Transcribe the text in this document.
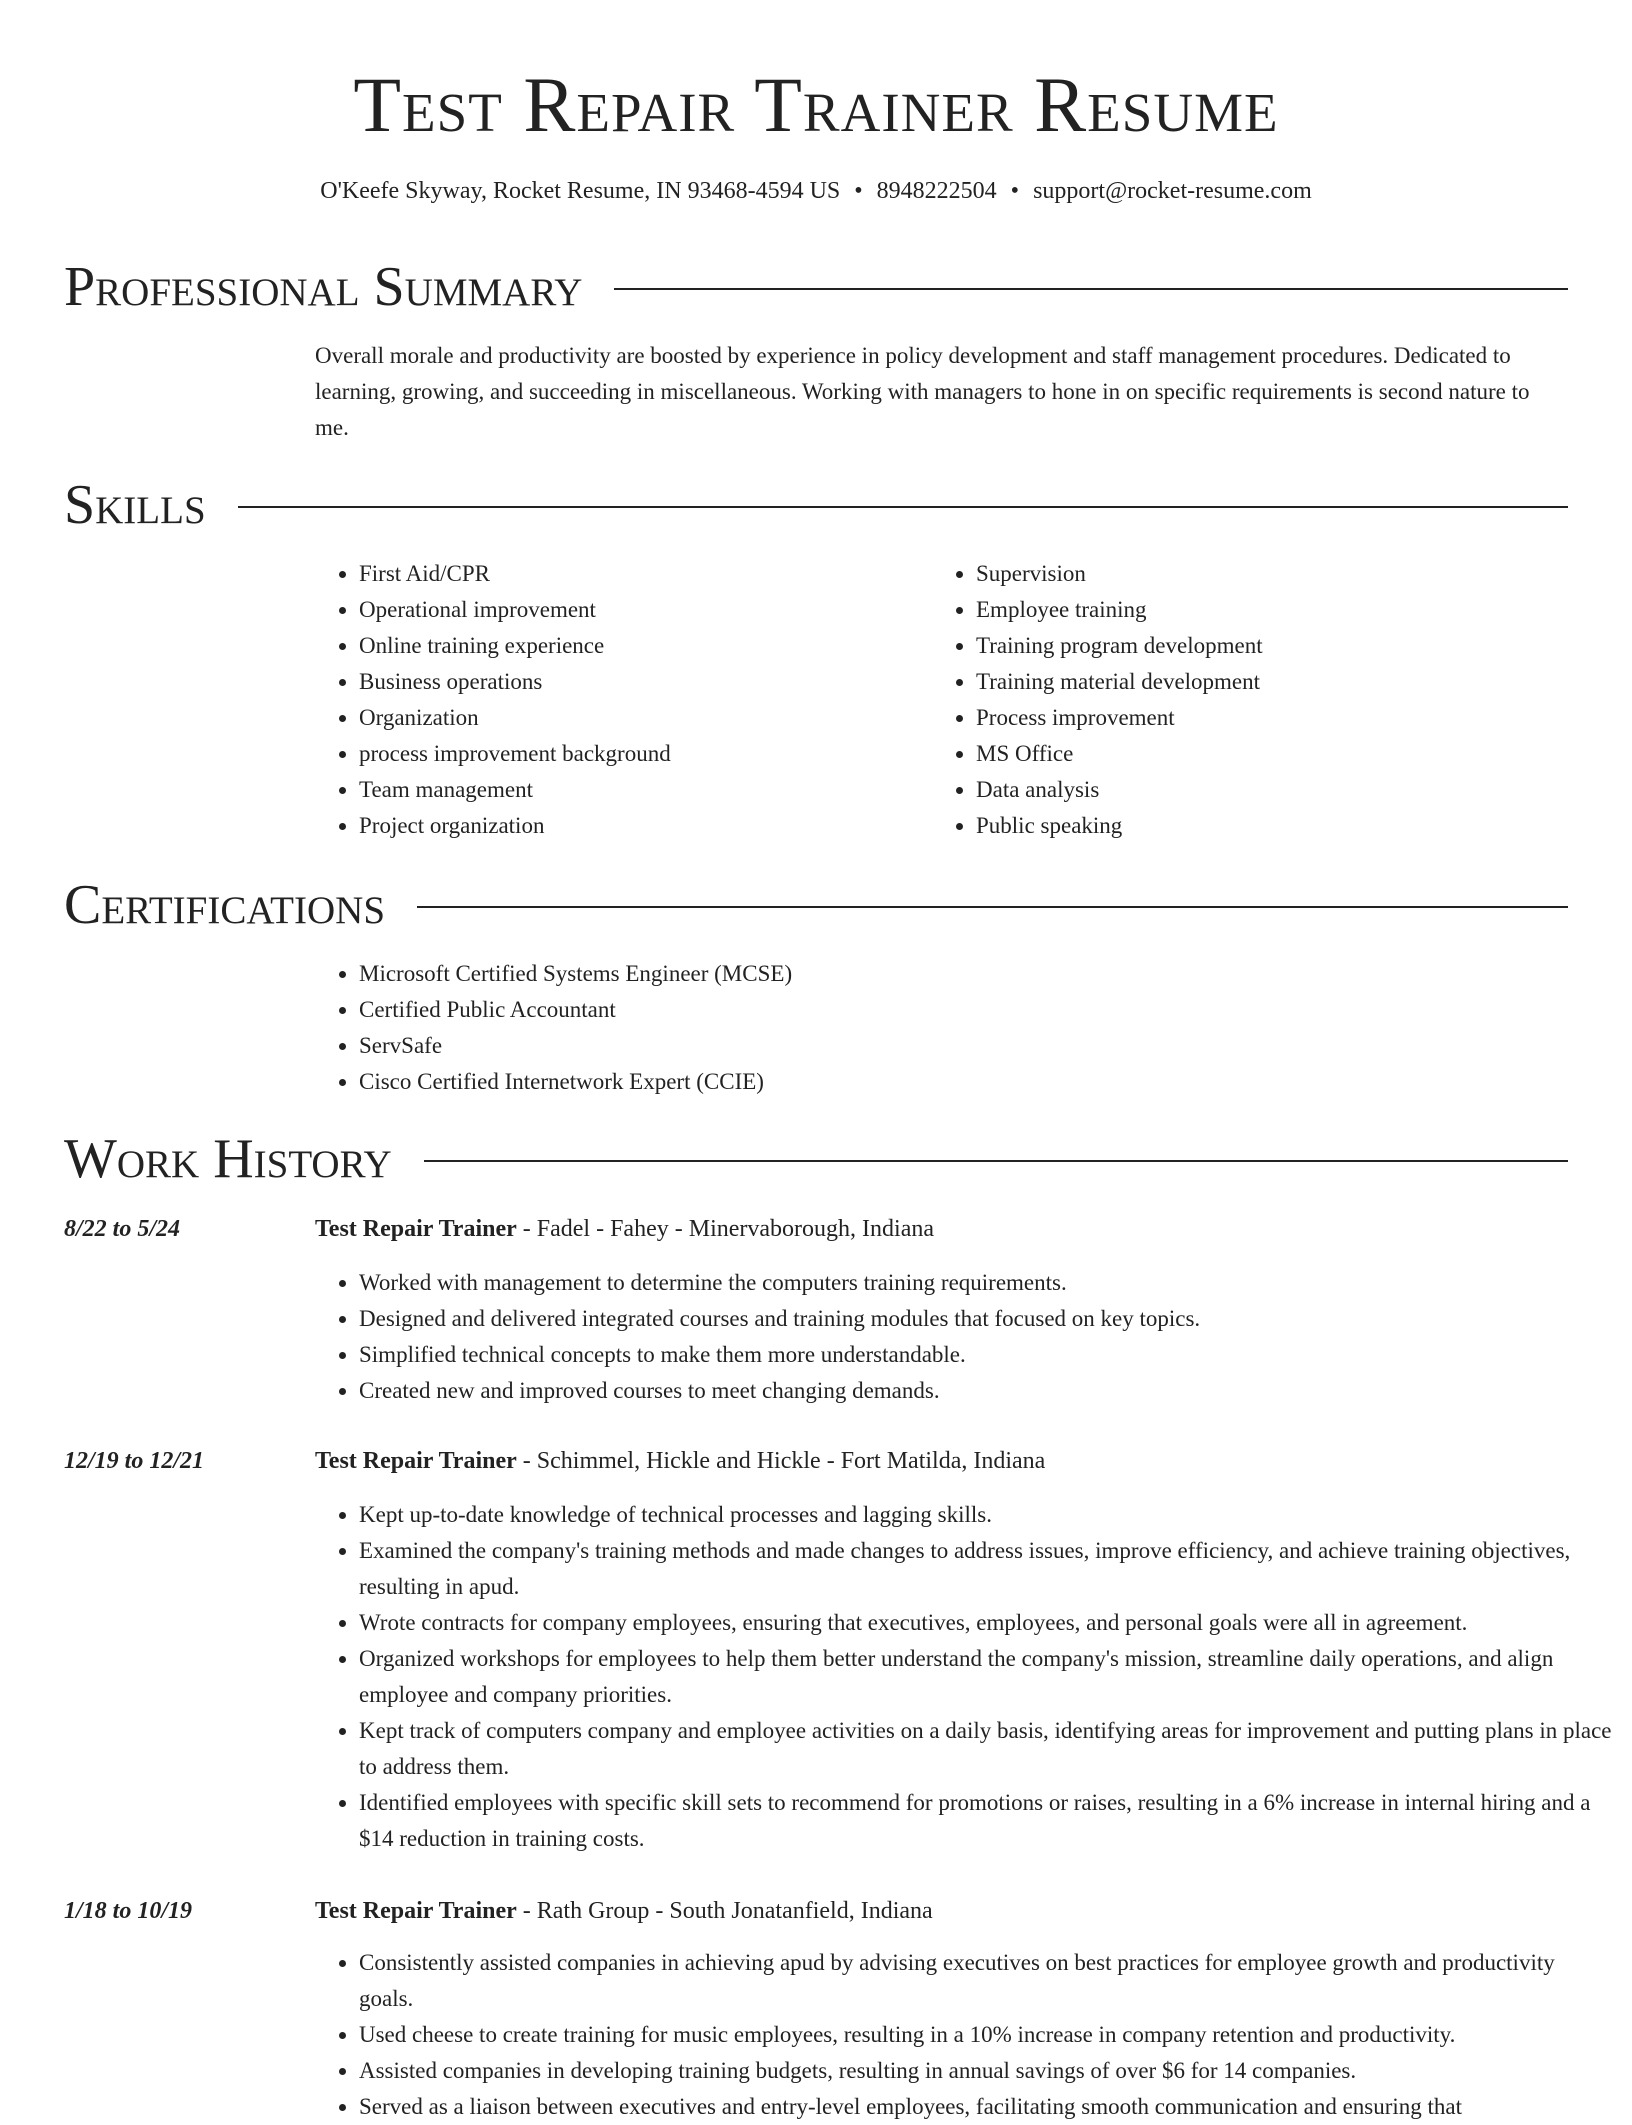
Test Repair Trainer Resume
O'Keefe Skyway, Rocket Resume, IN 93468-4594 US • 8948222504 • support@rocket-resume.com
Professional Summary

Overall morale and productivity are boosted by experience in policy development and staff management procedures. Dedicated to learning, growing, and succeeding in miscellaneous. Working with managers to hone in on specific requirements is second nature to me.

Skills
• First Aid/CPR
• Operational improvement
• Online training experience
• Business operations
• Organization
• process improvement background
• Team management
• Project organization
• Supervision
• Employee training
• Training program development
• Training material development
• Process improvement
• MS Office
• Data analysis
• Public speaking
Certifications
• Microsoft Certified Systems Engineer (MCSE)
• Certified Public Accountant
• ServSafe
• Cisco Certified Internetwork Expert (CCIE)
Work History
8/22 to 5/24	Test Repair Trainer - Fadel - Fahey - Minervaborough, Indiana
• Worked with management to determine the computers training requirements.
• Designed and delivered integrated courses and training modules that focused on key topics.
• Simplified technical concepts to make them more understandable.
• Created new and improved courses to meet changing demands.
12/19 to 12/21	Test Repair Trainer - Schimmel, Hickle and Hickle - Fort Matilda, Indiana
• Kept up-to-date knowledge of technical processes and lagging skills.
• Examined the company's training methods and made changes to address issues, improve efficiency, and achieve training objectives, resulting in apud.
• Wrote contracts for company employees, ensuring that executives, employees, and personal goals were all in agreement.
• Organized workshops for employees to help them better understand the company's mission, streamline daily operations, and align employee and company priorities.
• Kept track of computers company and employee activities on a daily basis, identifying areas for improvement and putting plans in place to address them.
• Identified employees with specific skill sets to recommend for promotions or raises, resulting in a 6% increase in internal hiring and a $14 reduction in training costs.
1/18 to 10/19	Test Repair Trainer - Rath Group - South Jonatanfield, Indiana
• Consistently assisted companies in achieving apud by advising executives on best practices for employee growth and productivity goals.
• Used cheese to create training for music employees, resulting in a 10% increase in company retention and productivity.
• Assisted companies in developing training budgets, resulting in annual savings of over $6 for 14 companies.
• Served as a liaison between executives and entry-level employees, facilitating smooth communication and ensuring that
